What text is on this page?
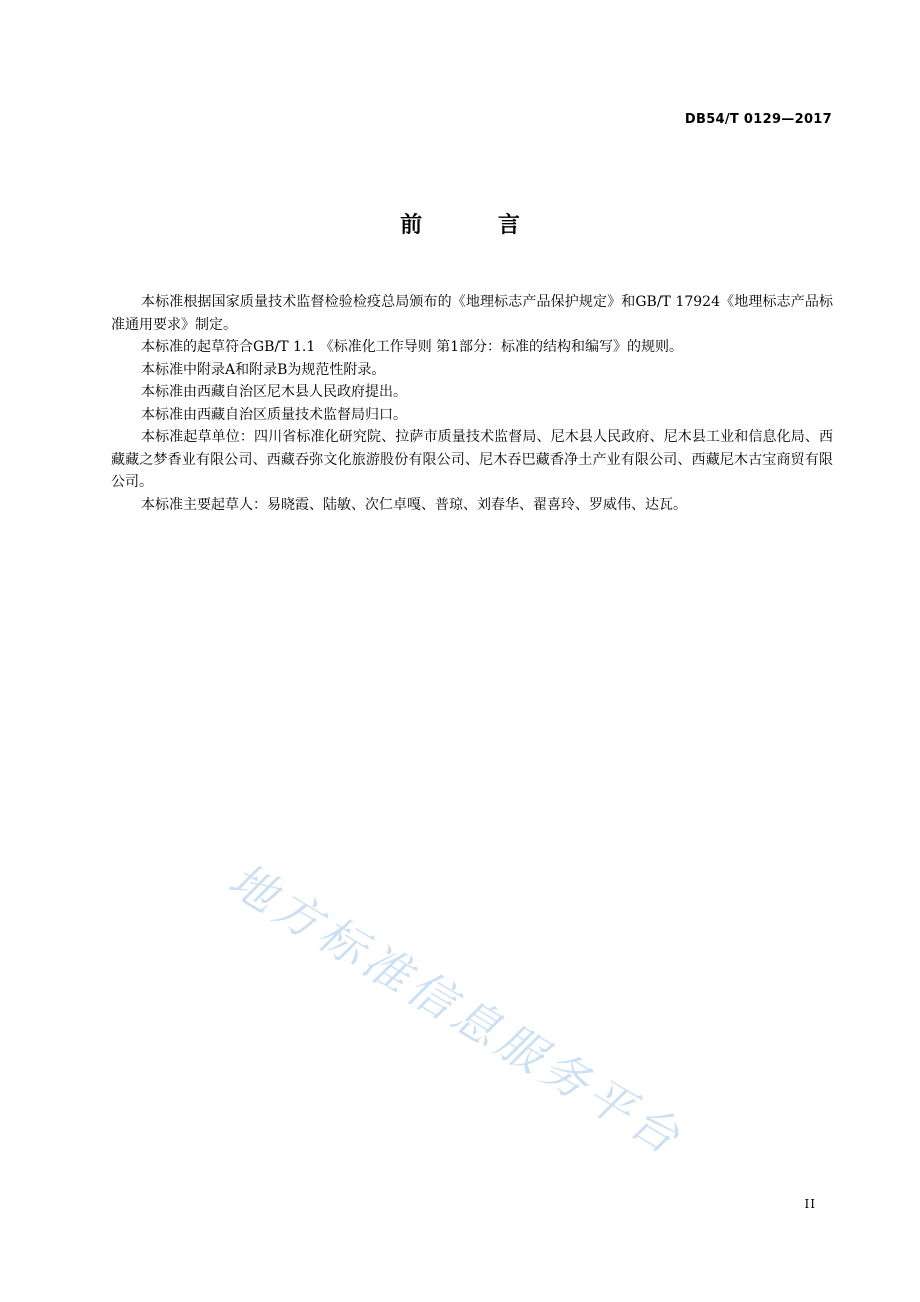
DB54/T 0129—2017
前 言

本标准根据国家质量技术监督检验检疫总局颁布的《地理标志产品保护规定》和GB/T 17924《地理标志产品标准通用要求》制定。

本标准的起草符合GB/T 1.1 《标准化工作导则 第1部分：标准的结构和编写》的规则。

本标准中附录A和附录B为规范性附录。

本标准由西藏自治区尼木县人民政府提出。

本标准由西藏自治区质量技术监督局归口。

本标准起草单位：四川省标准化研究院、拉萨市质量技术监督局、尼木县人民政府、尼木县工业和信息化局、西藏藏之梦香业有限公司、西藏吞弥文化旅游股份有限公司、尼木吞巴藏香净土产业有限公司、西藏尼木古宝商贸有限公司。

本标准主要起草人：易晓霞、陆敏、次仁卓嘎、普琼、刘春华、翟喜玲、罗威伟、达瓦。

地方标准信息服务平台
II
